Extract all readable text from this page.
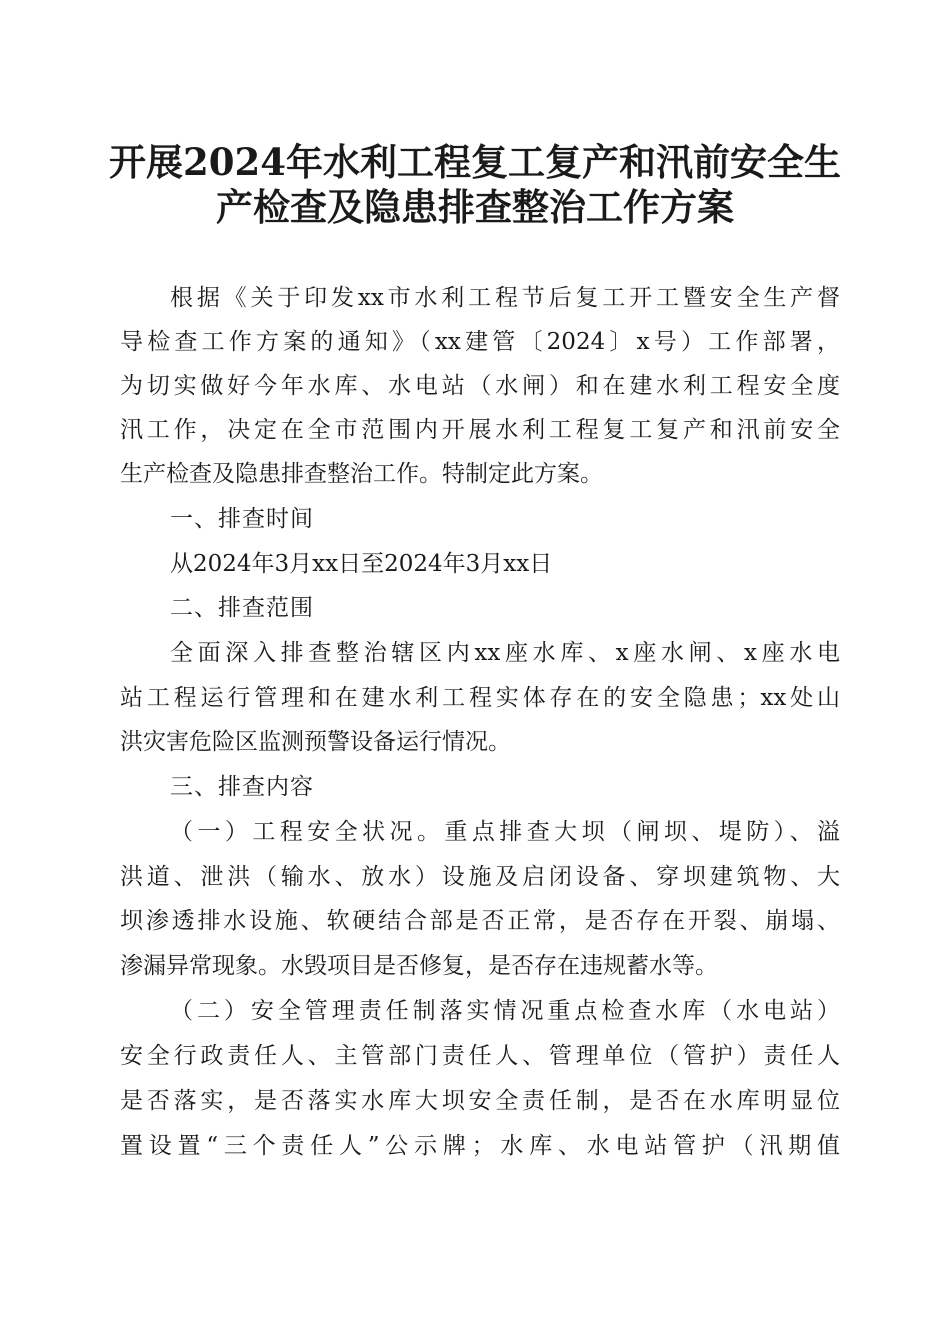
开展2024年水利工程复工复产和汛前安全生
产检查及隐患排查整治工作方案
根据《关于印发xx市水利工程节后复工开工暨安全生产督
导检查工作方案的通知》（xx建管〔2024〕x号）工作部署，
为切实做好今年水库、水电站（水闸）和在建水利工程安全度
汛工作，决定在全市范围内开展水利工程复工复产和汛前安全
生产检查及隐患排查整治工作。特制定此方案。
一、排查时间
从2024年3月xx日至2024年3月xx日
二、排查范围
全面深入排查整治辖区内xx座水库、x座水闸、x座水电
站工程运行管理和在建水利工程实体存在的安全隐患；xx处山
洪灾害危险区监测预警设备运行情况。
三、排查内容
（一）工程安全状况。重点排查大坝（闸坝、堤防）、溢
洪道、泄洪（输水、放水）设施及启闭设备、穿坝建筑物、大
坝渗透排水设施、软硬结合部是否正常，是否存在开裂、崩塌、
渗漏异常现象。水毁项目是否修复，是否存在违规蓄水等。
（二）安全管理责任制落实情况重点检查水库（水电站）
安全行政责任人、主管部门责任人、管理单位（管护）责任人
是否落实，是否落实水库大坝安全责任制，是否在水库明显位
置设置“三个责任人”公示牌；水库、水电站管护（汛期值
